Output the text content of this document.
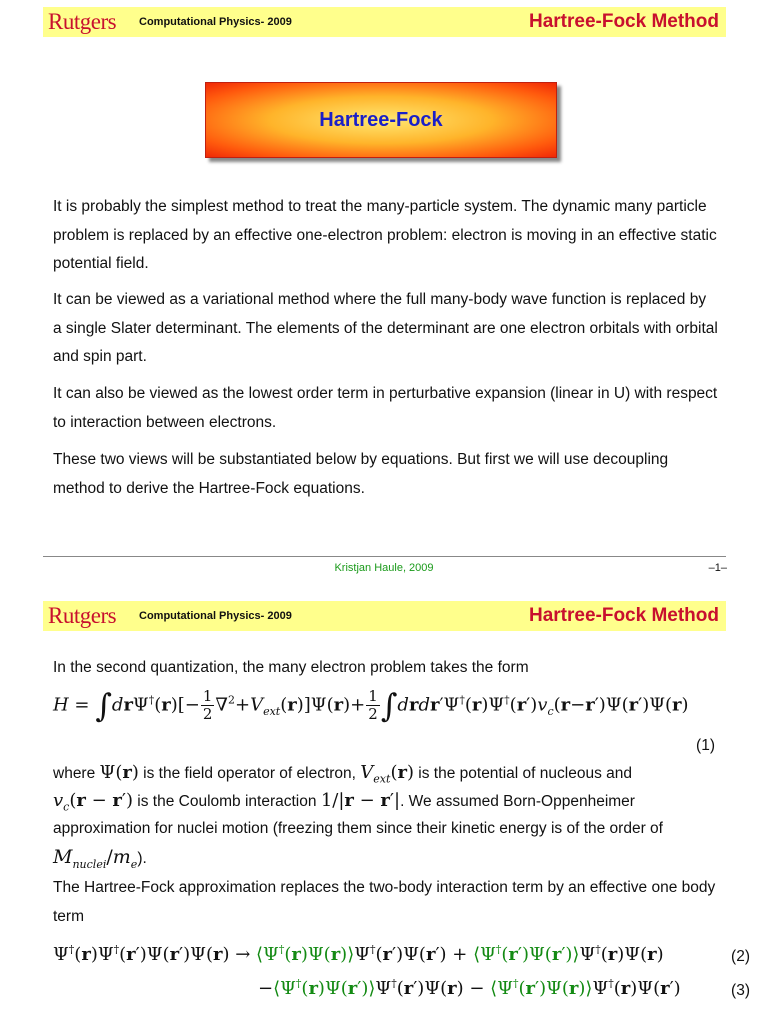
Rutgers Computational Physics- 2009	Hartree-Fock Method
Hartree-Fock
It is probably the simplest method to treat the many-particle system. The dynamic many particle problem is replaced by an effective one-electron problem: electron is moving in an effective static potential field.
It can be viewed as a variational method where the full many-body wave function is replaced by a single Slater determinant. The elements of the determinant are one electron orbitals with orbital and spin part.
It can also be viewed as the lowest order term in perturbative expansion (linear in U) with respect to interaction between electrons.
These two views will be substantiated below by equations. But first we will use decoupling method to derive the Hartree-Fock equations.
Kristjan Haule, 2009	–1–
Rutgers Computational Physics- 2009	Hartree-Fock Method
In the second quantization, the many electron problem takes the form
$H = \int dr\Psi^\dagger(r)[- \frac{1}{2} \nabla^2+V_{ext}(r)]\Psi(r)+ \frac{1}{2}$ $\int drdr'\Psi^\dagger(r)\Psi^\dagger(r')v_c(r-r')\Psi(r')\Psi(r)$
(1)
where Ψ(r) is the field operator of electron, $V_{ext}(r)$ is the potential of nucleous and
$v_c(r - r')$ is the Coulomb interaction 1/|r − r′|. We assumed Born-Oppenheimer
approximation for nuclei motion (freezing them since their kinetic energy is of the order of
$M_{nuclei}/m_e$).
The Hartree-Fock approximation replaces the two-body interaction term by an effective one body term
Ψ†(r)Ψ†(r′)Ψ(r′)Ψ(r) → ⟨Ψ†(r)Ψ(r)⟩Ψ†(r′)Ψ(r′) + ⟨Ψ†(r′)Ψ(r′)⟩Ψ†(r)Ψ(r)	(2)
−⟨Ψ†(r)Ψ(r′)⟩Ψ†(r′)Ψ(r) − ⟨Ψ†(r′)Ψ(r)⟩Ψ†(r)Ψ(r′)	(3)
